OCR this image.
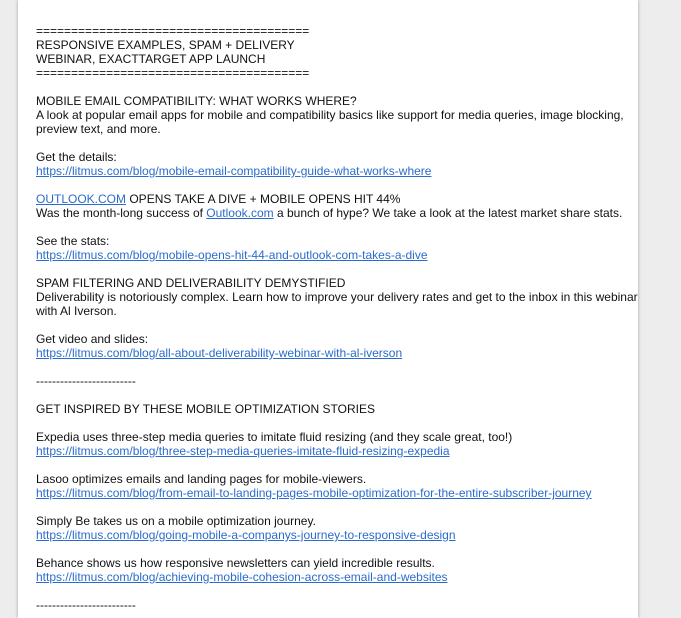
=======================================

RESPONSIVE EXAMPLES, SPAM + DELIVERY

WEBINAR, EXACTTARGET APP LAUNCH

=======================================

MOBILE EMAIL COMPATIBILITY: WHAT WORKS WHERE?

A look at popular email apps for mobile and compatibility basics like support for media queries, image blocking, preview text, and more.

Get the details:

https://litmus.com/blog/mobile-email-compatibility-guide-what-works-where

OUTLOOK.COM OPENS TAKE A DIVE + MOBILE OPENS HIT 44%

Was the month-long success of Outlook.com a bunch of hype? We take a look at the latest market share stats.

See the stats:

https://litmus.com/blog/mobile-opens-hit-44-and-outlook-com-takes-a-dive

SPAM FILTERING AND DELIVERABILITY DEMYSTIFIED

Deliverability is notoriously complex. Learn how to improve your delivery rates and get to the inbox in this webinar with Al Iverson.

Get video and slides:

https://litmus.com/blog/all-about-deliverability-webinar-with-al-iverson

-------------------------

GET INSPIRED BY THESE MOBILE OPTIMIZATION STORIES

Expedia uses three-step media queries to imitate fluid resizing (and they scale great, too!)

https://litmus.com/blog/three-step-media-queries-imitate-fluid-resizing-expedia

Lasoo optimizes emails and landing pages for mobile-viewers.

https://litmus.com/blog/from-email-to-landing-pages-mobile-optimization-for-the-entire-subscriber-journey

Simply Be takes us on a mobile optimization journey.

https://litmus.com/blog/going-mobile-a-companys-journey-to-responsive-design

Behance shows us how responsive newsletters can yield incredible results.

https://litmus.com/blog/achieving-mobile-cohesion-across-email-and-websites

-------------------------
